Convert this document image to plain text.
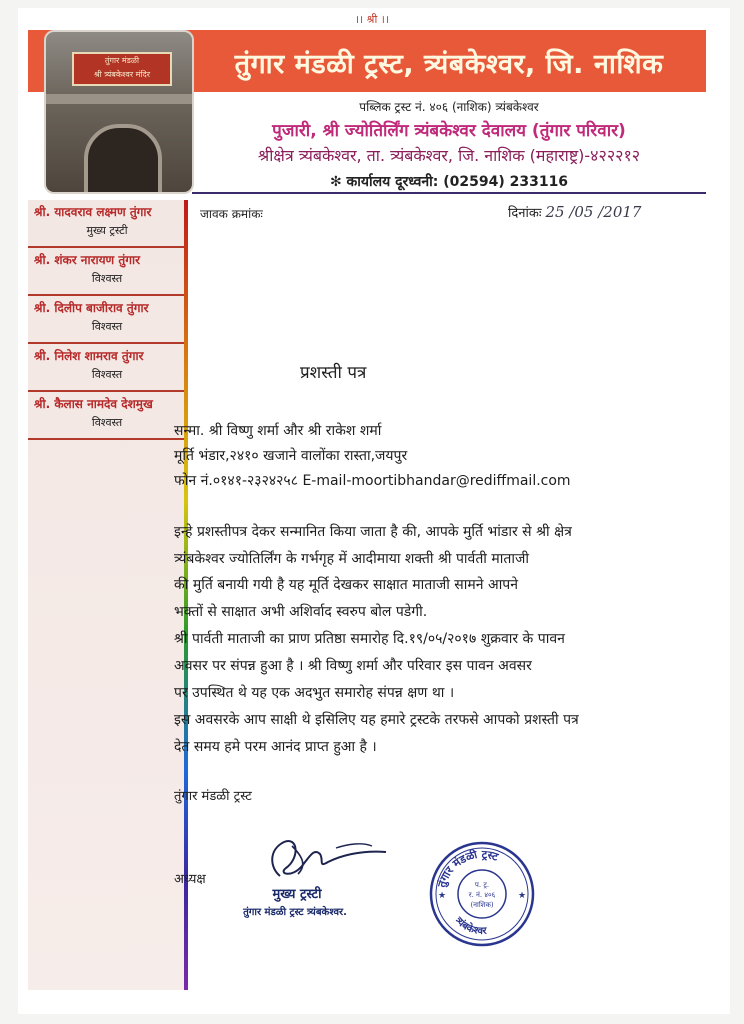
।। श्री ।।
तुंगार मंडळी
श्री त्र्यंबकेश्वर मंदिर	तुंगार मंडळी ट्रस्ट, त्र्यंबकेश्वर, जि. नाशिक
पब्लिक ट्रस्ट नं. ४०६ (नाशिक) त्र्यंबकेश्वर
पुजारी, श्री ज्योतिर्लिंग त्र्यंबकेश्वर देवालय (तुंगार परिवार)
श्रीक्षेत्र त्र्यंबकेश्वर, ता. त्र्यंबकेश्वर, जि. नाशिक (महाराष्ट्र)-४२२२१२
✻ कार्यालय दूरध्वनी: (02594) 233116
श्री. यादवराव लक्ष्मण तुंगार
मुख्य ट्रस्टी
श्री. शंकर नारायण तुंगार
विश्वस्त
श्री. दिलीप बाजीराव तुंगार
विश्वस्त
श्री. निलेश शामराव तुंगार
विश्वस्त
श्री. कैलास नामदेव देशमुख
विश्वस्त
जावक क्रमांकः	दिनांकः 25 /05 /2017
प्रशस्ती पत्र
सन्मा. श्री विष्णु शर्मा और श्री राकेश शर्मा
मूर्ति भंडार,२४१० खजाने वालोंका रास्ता,जयपुर
फोन नं.०१४१-२३२४२५८ E-mail-moortibhandar@rediffmail.com
इन्हे प्रशस्तीपत्र देकर सन्मानित किया जाता है की, आपके मुर्ति भांडार से श्री क्षेत्र
त्र्यंबकेश्वर ज्योतिर्लिंग के गर्भगृह में आदीमाया शक्ती श्री पार्वती माताजी
की मुर्ति बनायी गयी है यह मूर्ति देखकर साक्षात माताजी सामने आपने
भक्तों से साक्षात अभी अशिर्वाद स्वरुप बोल पडेगी.
श्री पार्वती माताजी का प्राण प्रतिष्ठा समारोह दि.१९/०५/२०१७ शुक्रवार के पावन
अवसर पर संपन्न हुआ है । श्री विष्णु शर्मा और परिवार इस पावन अवसर
पर उपस्थित थे यह एक अदभुत समारोह संपन्न क्षण था ।
इस अवसरके आप साक्षी थे इसिलिए यह हमारे ट्रस्टके तरफसे आपको प्रशस्ती पत्र
देत समय हमे परम आनंद प्राप्त हुआ है ।
तुंगार मंडळी ट्रस्ट
अध्यक्ष
मुख्य ट्रस्टी
तुंगार मंडळी ट्रस्ट त्र्यंबकेश्वर.
तुंगार मंडळी ट्रस्ट
त्र्यंबकेश्वर
प. ट्र.
र. नं. ४०६
(नाशिक)
★	★
